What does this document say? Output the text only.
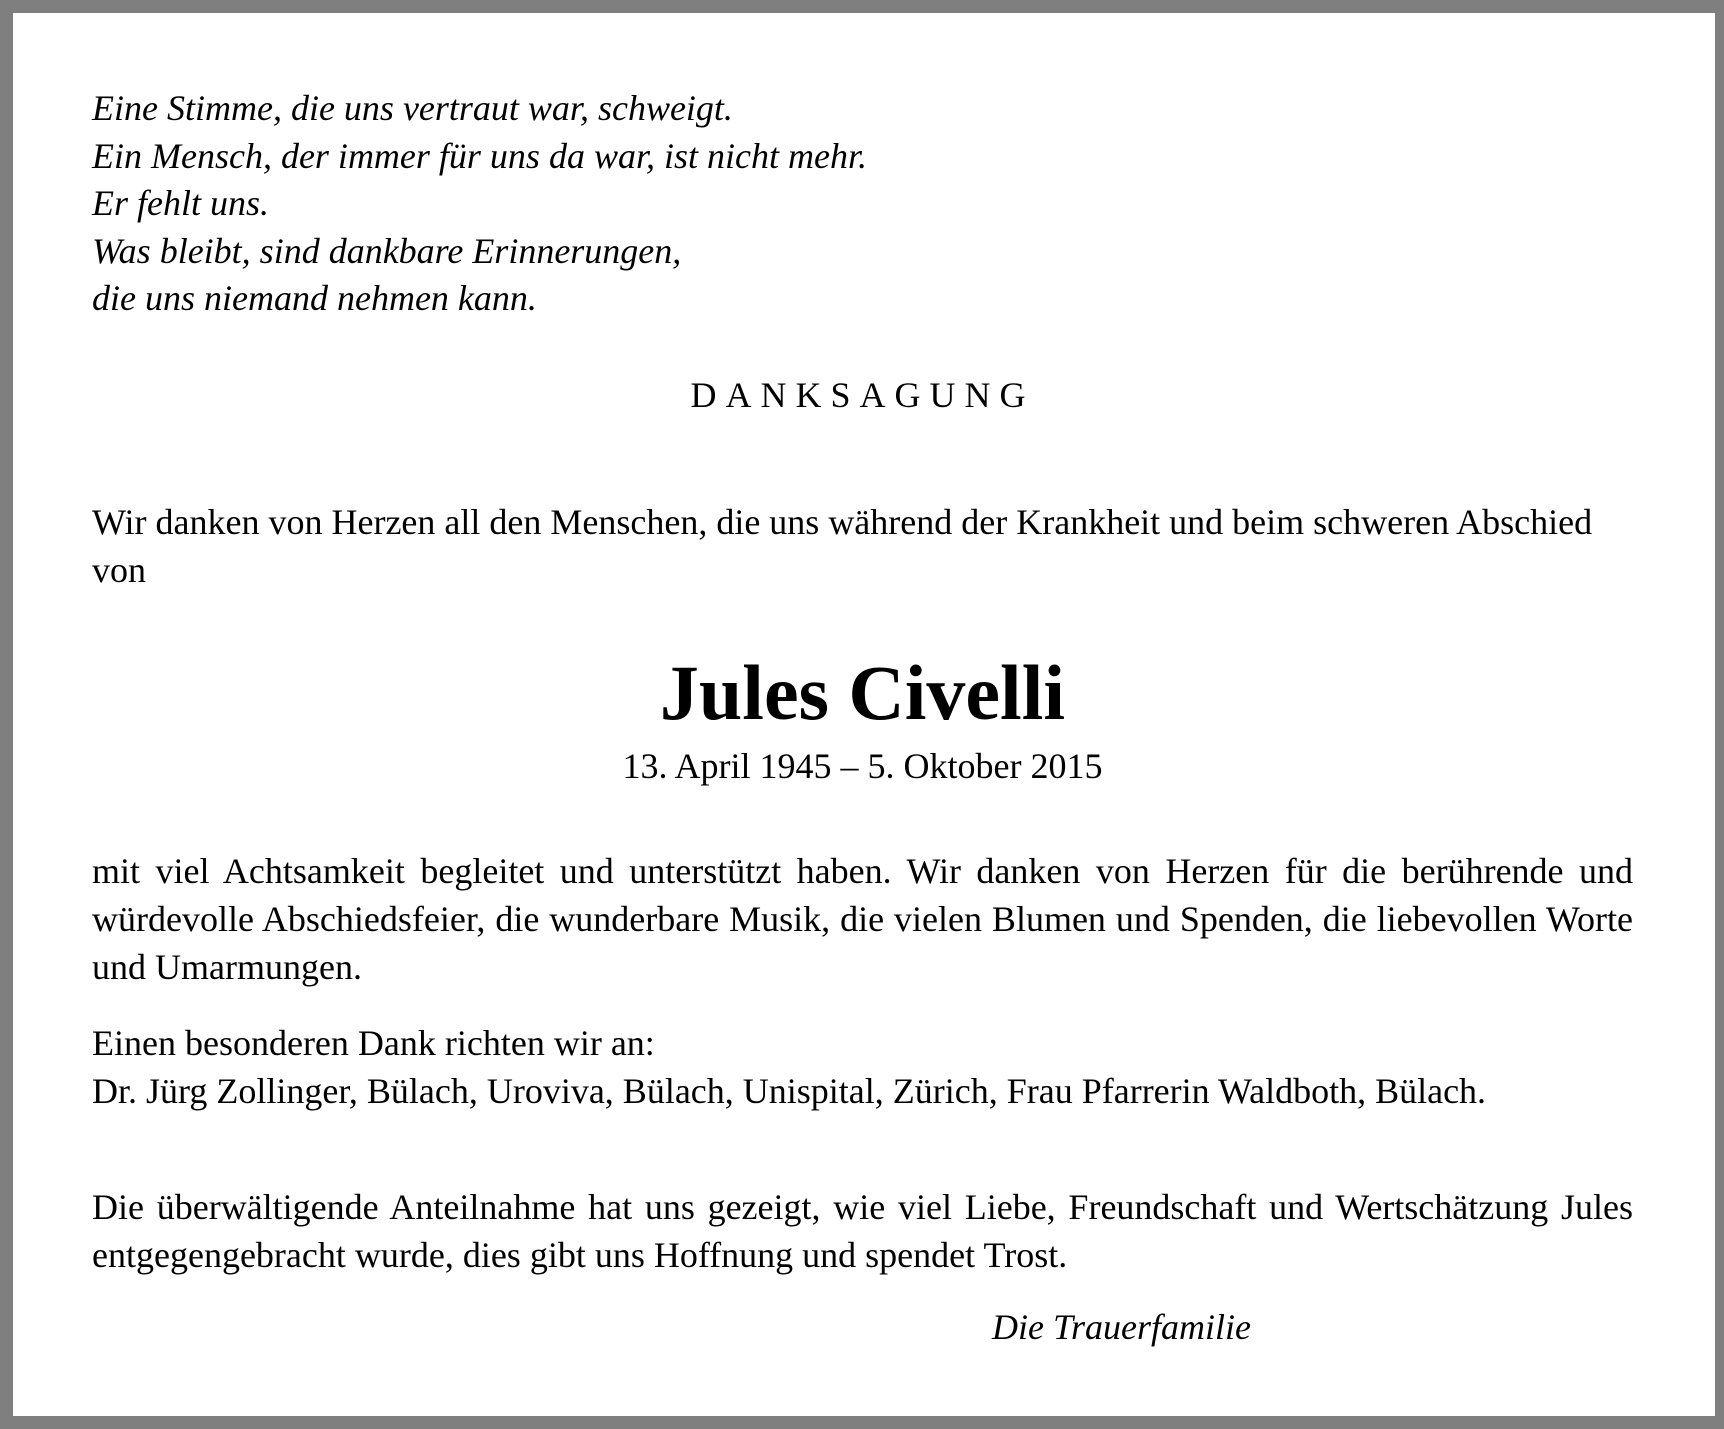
Eine Stimme, die uns vertraut war, schweigt.
Ein Mensch, der immer für uns da war, ist nicht mehr.
Er fehlt uns.
Was bleibt, sind dankbare Erinnerungen,
die uns niemand nehmen kann.
DANKSAGUNG

Wir danken von Herzen all den Menschen, die uns während der Krankheit und beim schweren Abschied von

Jules Civelli
13. April 1945 – 5. Oktober 2015

mit viel Achtsamkeit begleitet und unterstützt haben. Wir danken von Herzen für die berührende und würdevolle Abschiedsfeier, die wunderbare Musik, die vielen Blumen und Spenden, die liebevollen Worte und Umarmungen.

Einen besonderen Dank richten wir an:
Dr. Jürg Zollinger, Bülach, Uroviva, Bülach, Unispital, Zürich, Frau Pfarrerin Waldboth, Bülach.

Die überwältigende Anteilnahme hat uns gezeigt, wie viel Liebe, Freundschaft und Wertschätzung Jules entgegengebracht wurde, dies gibt uns Hoffnung und spendet Trost.

Die Trauerfamilie
